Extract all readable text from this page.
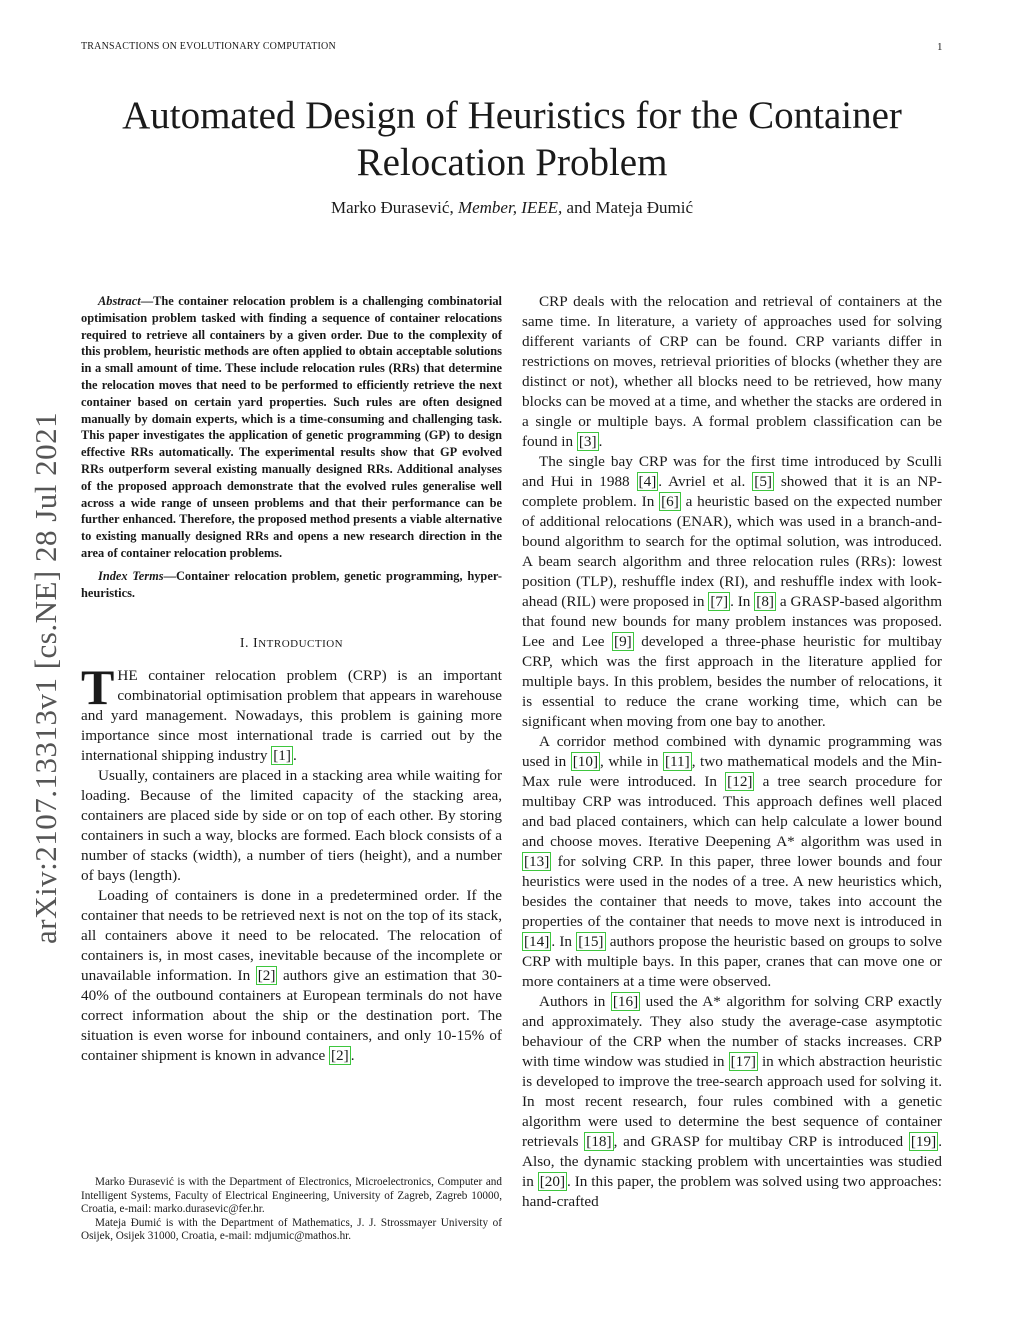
TRANSACTIONS ON EVOLUTIONARY COMPUTATION	1
Automated Design of Heuristics for the Container
Relocation Problem
Marko Đurasević, Member, IEEE, and Mateja Đumić
arXiv:2107.13313v1 [cs.NE] 28 Jul 2021

Abstract—The container relocation problem is a challenging combinatorial optimisation problem tasked with finding a sequence of container relocations required to retrieve all containers by a given order. Due to the complexity of this problem, heuristic methods are often applied to obtain acceptable solutions in a small amount of time. These include relocation rules (RRs) that determine the relocation moves that need to be performed to efficiently retrieve the next container based on certain yard properties. Such rules are often designed manually by domain experts, which is a time-consuming and challenging task. This paper investigates the application of genetic programming (GP) to design effective RRs automatically. The experimental results show that GP evolved RRs outperform several existing manually designed RRs. Additional analyses of the proposed approach demonstrate that the evolved rules generalise well across a wide range of unseen problems and that their performance can be further enhanced. Therefore, the proposed method presents a viable alternative to existing manually designed RRs and opens a new research direction in the area of container relocation problems.

Index Terms—Container relocation problem, genetic programming, hyper-heuristics.

I. INTRODUCTION

THE container relocation problem (CRP) is an important combinatorial optimisation problem that appears in warehouse and yard management. Nowadays, this problem is gaining more importance since most international trade is carried out by the international shipping industry [1] .

Usually, containers are placed in a stacking area while waiting for loading. Because of the limited capacity of the stacking area, containers are placed side by side or on top of each other. By storing containers in such a way, blocks are formed. Each block consists of a number of stacks (width), a number of tiers (height), and a number of bays (length).

Loading of containers is done in a predetermined order. If the container that needs to be retrieved next is not on the top of its stack, all containers above it need to be relocated. The relocation of containers is, in most cases, inevitable because of the incomplete or unavailable information. In [2] authors give an estimation that 30-40% of the outbound containers at European terminals do not have correct information about the ship or the destination port. The situation is even worse for inbound containers, and only 10-15% of container shipment is known in advance [2] .

Marko Đurasević is with the Department of Electronics, Microelectronics, Computer and Intelligent Systems, Faculty of Electrical Engineering, University of Zagreb, Zagreb 10000, Croatia, e-mail: marko.durasevic@fer.hr.

Mateja Đumić is with the Department of Mathematics, J. J. Strossmayer University of Osijek, Osijek 31000, Croatia, e-mail: mdjumic@mathos.hr.

CRP deals with the relocation and retrieval of containers at the same time. In literature, a variety of approaches used for solving different variants of CRP can be found. CRP variants differ in restrictions on moves, retrieval priorities of blocks (whether they are distinct or not), whether all blocks need to be retrieved, how many blocks can be moved at a time, and whether the stacks are ordered in a single or multiple bays. A formal problem classification can be found in [3] .

The single bay CRP was for the first time introduced by Sculli and Hui in 1988 [4] . Avriel et al. [5] showed that it is an NP-complete problem. In [6] a heuristic based on the expected number of additional relocations (ENAR), which was used in a branch-and-bound algorithm to search for the optimal solution, was introduced. A beam search algorithm and three relocation rules (RRs): lowest position (TLP), reshuffle index (RI), and reshuffle index with look-ahead (RIL) were proposed in [7] . In [8] a GRASP-based algorithm that found new bounds for many problem instances was proposed. Lee and Lee [9] developed a three-phase heuristic for multibay CRP, which was the first approach in the literature applied for multiple bays. In this problem, besides the number of relocations, it is essential to reduce the crane working time, which can be significant when moving from one bay to another.

A corridor method combined with dynamic programming was used in [10] , while in [11] , two mathematical models and the Min-Max rule were introduced. In [12] a tree search procedure for multibay CRP was introduced. This approach defines well placed and bad placed containers, which can help calculate a lower bound and choose moves. Iterative Deepening A* algorithm was used in [13] for solving CRP. In this paper, three lower bounds and four heuristics were used in the nodes of a tree. A new heuristics which, besides the container that needs to move, takes into account the properties of the container that needs to move next is introduced in [14] . In [15] authors propose the heuristic based on groups to solve CRP with multiple bays. In this paper, cranes that can move one or more containers at a time were observed.

Authors in [16] used the A* algorithm for solving CRP exactly and approximately. They also study the average-case asymptotic behaviour of the CRP when the number of stacks increases. CRP with time window was studied in [17] in which abstraction heuristic is developed to improve the tree-search approach used for solving it. In most recent research, four rules combined with a genetic algorithm were used to determine the best sequence of container retrievals [18] , and GRASP for multibay CRP is introduced [19] . Also, the dynamic stacking problem with uncertainties was studied in [20] . In this paper, the problem was solved using two approaches: hand-crafted
